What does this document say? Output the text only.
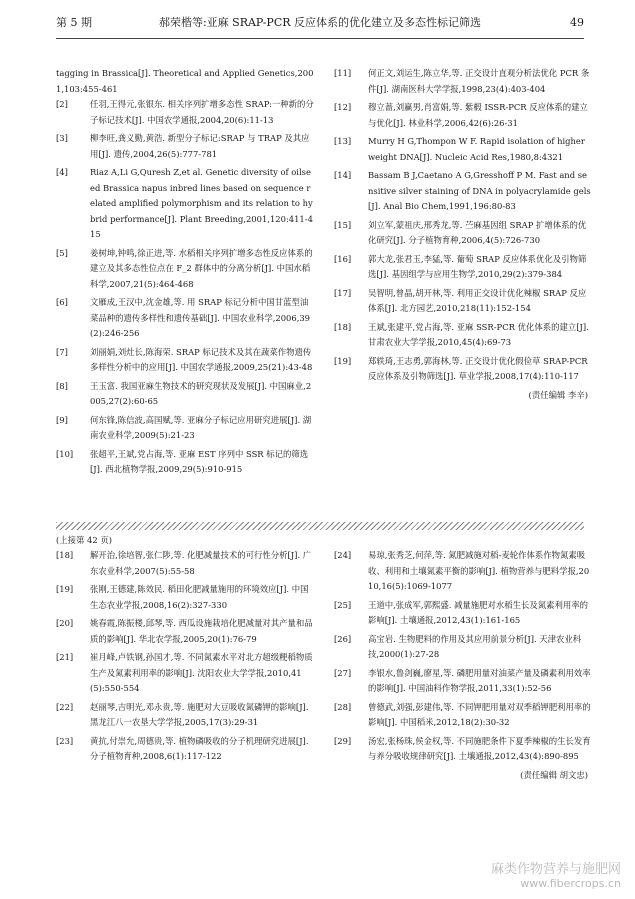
第 5 期	郝荣楷等:亚麻 SRAP-PCR 反应体系的优化建立及多态性标记筛选	49
tagging in Brassica[J]. Theoretical and Applied Genetics,2001,103:455-461
[2]	任羽,王得元,张银东. 相关序列扩增多态性 SRAP:一种新的分子标记技术[J]. 中国农学通报,2004,20(6):11-13
[3]	柳李旺,龚义勤,黄浩. 新型分子标记:SRAP 与 TRAP 及其应用[J]. 遗传,2004,26(5):777-781
[4]	Riaz A,Li G,Quresh Z,et al. Genetic diversity of oilseed Brassica napus inbred lines based on sequence related amplified polymorphism and its relation to hybrid performance[J]. Plant Breeding,2001,120:411-415
[5]	姜树坤,钟鸣,徐正进,等. 水稻相关序列扩增多态性反应体系的建立及其多态性位点在 F_2 群体中的分离分析[J]. 中国水稻科学,2007,21(5):464-468
[6]	文雁成,王汉中,沈金雄,等. 用 SRAP 标记分析中国甘蓝型油菜品种的遗传多样性和遗传基础[J]. 中国农业科学,2006,39(2):246-256
[7]	刘丽娟,刘灶长,陈海荣. SRAP 标记技术及其在蔬菜作物遗传多样性分析中的应用[J]. 中国农学通报,2009,25(21):43-48
[8]	王玉富. 我国亚麻生物技术的研究现状及发展[J]. 中国麻业,2005,27(2):60-65
[9]	何东锋,陈信波,高国赋,等. 亚麻分子标记应用研究进展[J]. 湖南农业科学,2009(5):21-23
[10]	张超平,王斌,党占海,等. 亚麻 EST 序列中 SSR 标记的筛选[J]. 西北植物学报,2009,29(5):910-915
[11]	何正文,刘运生,陈立华,等. 正交设计直观分析法优化 PCR 条件[J]. 湖南医科大学学报,1998,23(4):403-404
[12]	穆立蔷,刘赢男,肖富娟,等. 紫椴 ISSR-PCR 反应体系的建立与优化[J]. 林业科学,2006,42(6):26-31
[13]	Murry H G,Thompon W F. Rapid isolation of higher weight DNA[J]. Nucleic Acid Res,1980,8:4321
[14]	Bassam B J,Caetano A G,Gresshoff P M. Fast and sensitive silver staining of DNA in polyacrylamide gels[J]. Anal Bio Chem,1991,196:80-83
[15]	刘立军,蒙祖庆,邢秀龙,等. 苎麻基因组 SRAP 扩增体系的优化研究[J]. 分子植物育种,2006,4(5):726-730
[16]	郭大龙,张君玉,李猛,等. 葡萄 SRAP 反应体系优化及引物筛选[J]. 基因组学与应用生物学,2010,29(2):379-384
[17]	吴智明,曾晶,胡开林,等. 利用正交设计优化辣椒 SRAP 反应体系[J]. 北方园艺,2010,218(11):152-154
[18]	王斌,张建平,党占海,等. 亚麻 SSR-PCR 优化体系的建立[J]. 甘肃农业大学学报,2010,45(4):69-73
[19]	郑轶琦,王志勇,郭海林,等. 正交设计优化假俭草 SRAP-PCR 反应体系及引物筛选[J]. 草业学报,2008,17(4):110-117
(责任编辑 李辛)
(上接第 42 页)
[18]	解开治,徐培智,张仁陟,等. 化肥减量技术的可行性分析[J]. 广东农业科学,2007(5):55-58
[19]	张刚,王德建,陈效民. 稻田化肥减量施用的环境效应[J]. 中国生态农业学报,2008,16(2):327-330
[20]	姚春霞,陈振楼,邱琴,等. 西瓜设施栽培化肥减量对其产量和品质的影响[J]. 华北农学报,2005,20(1):76-79
[21]	崔月峰,卢铁钢,孙国才,等. 不同氮素水平对北方超级粳稻物质生产及氮素利用率的影响[J]. 沈阳农业大学学报,2010,41(5):550-554
[22]	赵丽琴,吉明光,邓永贵,等. 施肥对大豆吸收氮磷钾的影响[J]. 黑龙江八一农垦大学学报,2005,17(3):29-31
[23]	黄抗,付崇允,周德贵,等. 植物磷吸收的分子机理研究进展[J]. 分子植物育种,2008,6(1):117-122
[24]	易琼,张秀芝,何萍,等. 氮肥减施对稻-麦轮作体系作物氮素吸收、利用和土壤氮素平衡的影响[J]. 植物营养与肥料学报,2010,16(5):1069-1077
[25]	王道中,张成军,郭熙盛. 减量施肥对水稻生长及氮素利用率的影响[J]. 土壤通报,2012,43(1):161-165
[26]	高宝岩. 生物肥料的作用及其应用前景分析[J]. 天津农业科技,2000(1):27-28
[27]	李银水,鲁剑巍,廖星,等. 磷肥用量对油菜产量及磷素利用效率的影响[J]. 中国油料作物学报,2011,33(1):52-56
[28]	曾德武,刘强,彭建伟,等. 不同钾肥用量对双季稻钾肥利用率的影响[J]. 中国稻米,2012,18(2):30-32
[29]	汤宏,张杨珠,侯金权,等. 不同施肥条件下夏季辣椒的生长发育与养分吸收规律研究[J]. 土壤通报,2012,43(4):890-895
(责任编辑 胡文忠)
麻类作物营养与施肥网
www.fibercrops.cn
